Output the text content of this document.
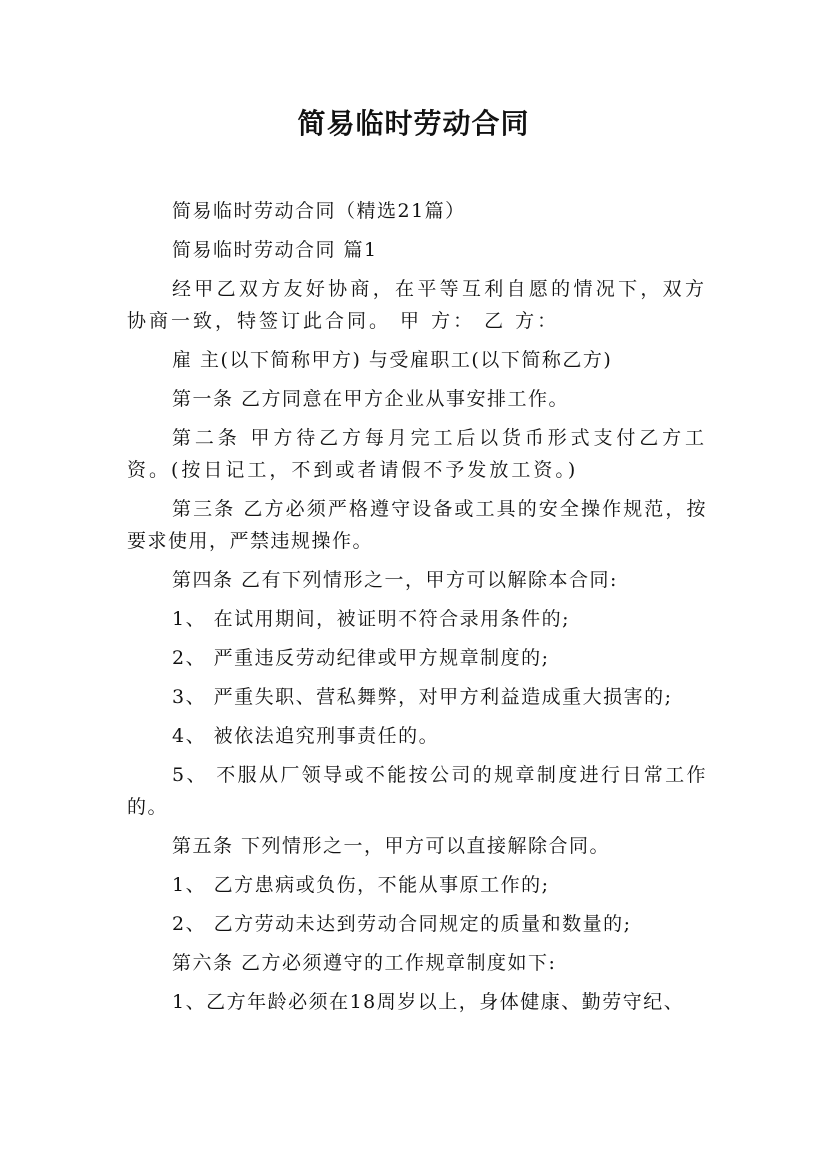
简易临时劳动合同

简易临时劳动合同（精选21篇）

简易临时劳动合同 篇1

经甲乙双方友好协商，在平等互利自愿的情况下，双方协商一致，特签订此合同。 甲 方： 乙 方：

雇 主(以下简称甲方) 与受雇职工(以下简称乙方)

第一条 乙方同意在甲方企业从事安排工作。

第二条 甲方待乙方每月完工后以货币形式支付乙方工资。(按日记工，不到或者请假不予发放工资。)

第三条 乙方必须严格遵守设备或工具的安全操作规范，按要求使用，严禁违规操作。

第四条 乙有下列情形之一，甲方可以解除本合同:

1、 在试用期间，被证明不符合录用条件的;

2、 严重违反劳动纪律或甲方规章制度的;

3、 严重失职、营私舞弊，对甲方利益造成重大损害的;

4、 被依法追究刑事责任的。

5、 不服从厂领导或不能按公司的规章制度进行日常工作的。

第五条 下列情形之一，甲方可以直接解除合同。

1、 乙方患病或负伤，不能从事原工作的;

2、 乙方劳动未达到劳动合同规定的质量和数量的;

第六条 乙方必须遵守的工作规章制度如下:

1、乙方年龄必须在18周岁以上，身体健康、勤劳守纪、
